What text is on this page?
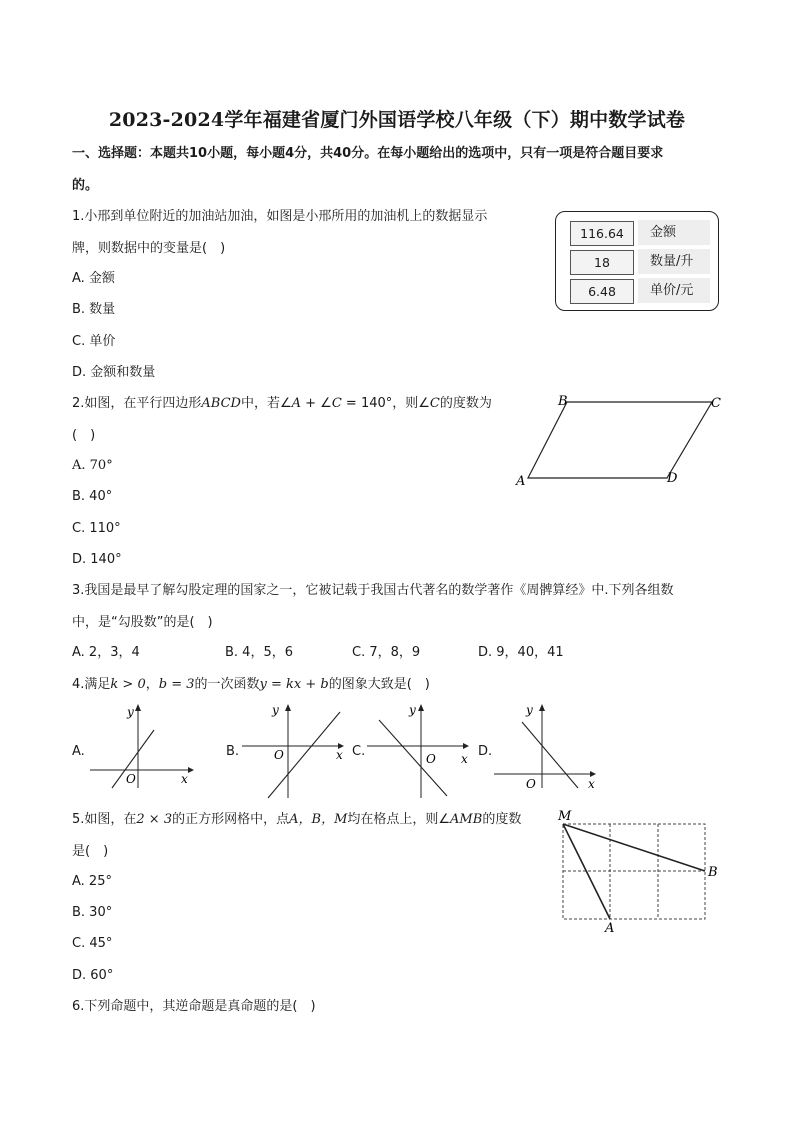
2023-2024学年福建省厦门外国语学校八年级（下）期中数学试卷
一、选择题：本题共10小题，每小题4分，共40分。在每小题给出的选项中，只有一项是符合题目要求
的。
1.小邢到单位附近的加油站加油，如图是小邢所用的加油机上的数据显示
牌，则数据中的变量是(　)
A. 金额
B. 数量
C. 单价
D. 金额和数量
116.64	金额
18	数量/升
6.48	单价/元
2.如图，在平行四边形ABCD中，若∠A + ∠C = 140°，则∠C的度数为
(　)
A. 70°
B. 40°
C. 110°
D. 140°
A
B	C
D
3.我国是最早了解勾股定理的国家之一，它被记载于我国古代著名的数学著作《周髀算经》中.下列各组数
中，是“勾股数”的是(　)
A. 2，3，4	B. 4，5，6	C. 7，8，9	D. 9，40，41
4.满足k > 0，b = 3的一次函数y = kx + b的图象大致是(　)
A.
O	x
y
B.	O	x
y
C.	O x
y
D.
O	x
y
5.如图，在2 × 3的正方形网格中，点A，B，M均在格点上，则∠AMB的度数
是(　)
A. 25°
B. 30°
C. 45°
D. 60°
M
B
A
6.下列命题中，其逆命题是真命题的是(　)
